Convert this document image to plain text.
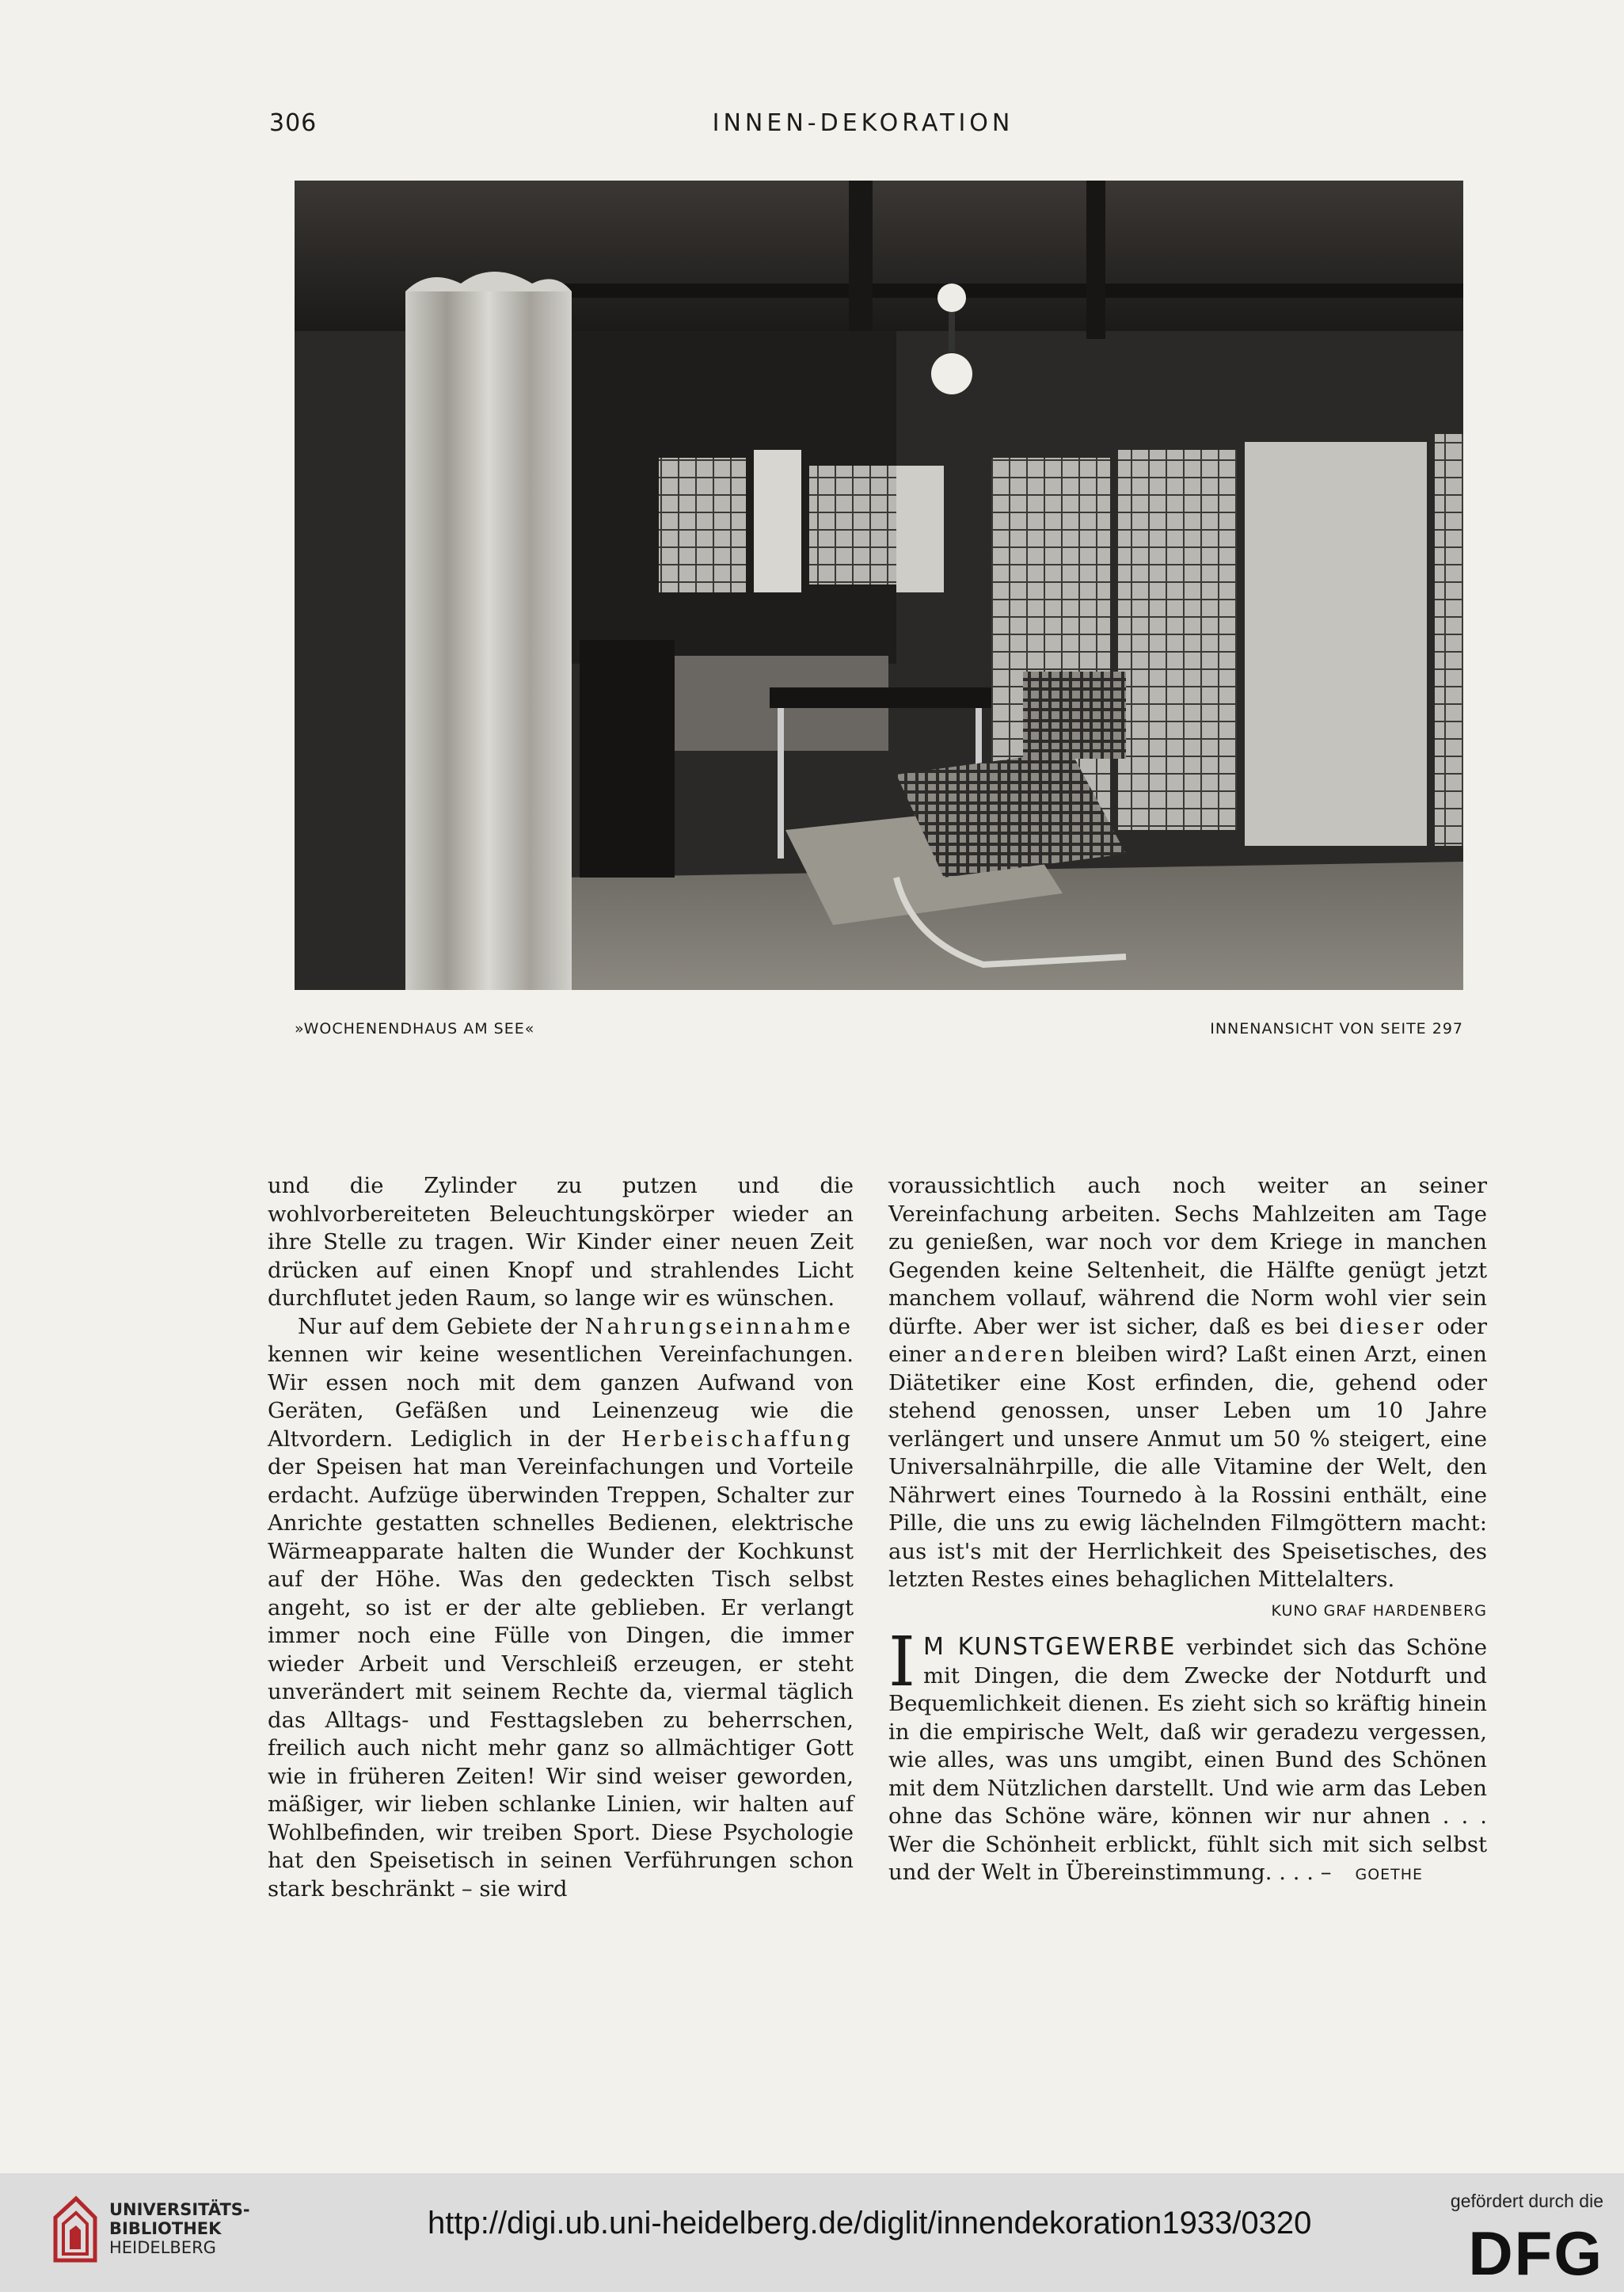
306	INNEN-DEKORATION
»WOCHENENDHAUS AM SEE«	INNENANSICHT VON SEITE 297

und die Zylinder zu putzen und die wohlvorbereiteten Beleuchtungskörper wieder an ihre Stelle zu tragen. Wir Kinder einer neuen Zeit drücken auf einen Knopf und strahlendes Licht durchflutet jeden Raum, so lange wir es wünschen.

Nur auf dem Gebiete der Nahrungseinnahme kennen wir keine wesentlichen Vereinfachungen. Wir essen noch mit dem ganzen Aufwand von Geräten, Gefäßen und Leinenzeug wie die Altvordern. Lediglich in der Herbeischaffung der Speisen hat man Vereinfachungen und Vorteile erdacht. Aufzüge überwinden Treppen, Schalter zur Anrichte gestatten schnelles Bedienen, elektrische Wärmeapparate halten die Wunder der Kochkunst auf der Höhe. Was den gedeckten Tisch selbst angeht, so ist er der alte geblieben. Er verlangt immer noch eine Fülle von Dingen, die immer wieder Arbeit und Verschleiß erzeugen, er steht unverändert mit seinem Rechte da, viermal täglich das Alltags- und Festtagsleben zu beherrschen, freilich auch nicht mehr ganz so allmächtiger Gott wie in früheren Zeiten! Wir sind weiser geworden, mäßiger, wir lieben schlanke Linien, wir halten auf Wohlbefinden, wir treiben Sport. Diese Psychologie hat den Speisetisch in seinen Verführungen schon stark beschränkt – sie wird

voraussichtlich auch noch weiter an seiner Vereinfachung arbeiten. Sechs Mahlzeiten am Tage zu genießen, war noch vor dem Kriege in manchen Gegenden keine Seltenheit, die Hälfte genügt jetzt manchem vollauf, während die Norm wohl vier sein dürfte. Aber wer ist sicher, daß es bei dieser oder einer anderen bleiben wird? Laßt einen Arzt, einen Diätetiker eine Kost erfinden, die, gehend oder stehend genossen, unser Leben um 10 Jahre verlängert und unsere Anmut um 50 % steigert, eine Universalnährpille, die alle Vitamine der Welt, den Nährwert eines Tournedo à la Rossini enthält, eine Pille, die uns zu ewig lächelnden Filmgöttern macht: aus ist's mit der Herrlichkeit des Speisetisches, des letzten Restes eines behaglichen Mittelalters.

KUNO GRAF HARDENBERG

I M KUNSTGEWERBE verbindet sich das Schöne mit Dingen, die dem Zwecke der Notdurft und Bequemlichkeit dienen. Es zieht sich so kräftig hinein in die empirische Welt, daß wir geradezu vergessen, wie alles, was uns umgibt, einen Bund des Schönen mit dem Nützlichen darstellt. Und wie arm das Leben ohne das Schöne wäre, können wir nur ahnen . . . Wer die Schönheit erblickt, fühlt sich mit sich selbst und der Welt in Übereinstimmung. . . . – GOETHE

UNIVERSITÄTS-
BIBLIOTHEK
HEIDELBERG
http://digi.ub.uni-heidelberg.de/diglit/innendekoration1933/0320
gefördert durch die
DFG
